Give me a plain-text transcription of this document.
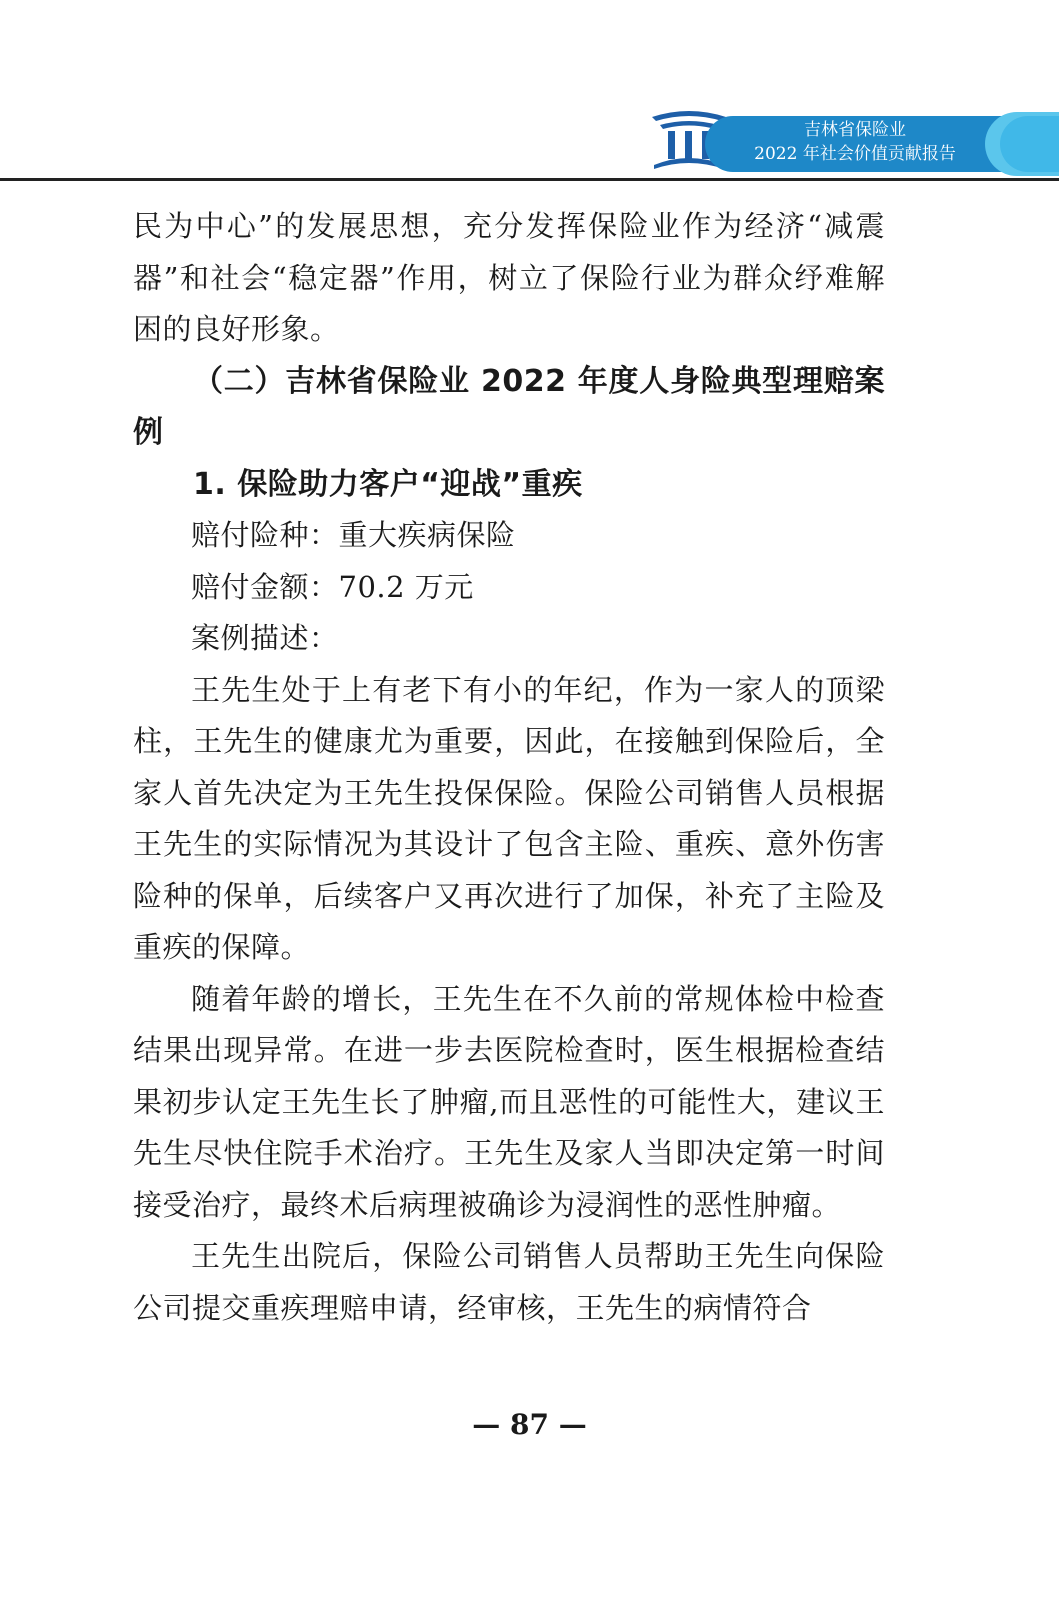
吉林省保险业
2022 年社会价值贡献报告

民为中心”的发展思想，充分发挥保险业作为经济“减震器”和社会“稳定器”作用，树立了保险行业为群众纾难解困的良好形象。

（二）吉林省保险业 2022 年度人身险典型理赔案例

1. 保险助力客户“迎战”重疾

赔付险种：重大疾病保险

赔付金额：70.2 万元

案例描述：

王先生处于上有老下有小的年纪，作为一家人的顶梁柱，王先生的健康尤为重要，因此，在接触到保险后，全家人首先决定为王先生投保保险。保险公司销售人员根据王先生的实际情况为其设计了包含主险、重疾、意外伤害险种的保单，后续客户又再次进行了加保，补充了主险及重疾的保障。

随着年龄的增长，王先生在不久前的常规体检中检查结果出现异常。在进一步去医院检查时，医生根据检查结果初步认定王先生长了肿瘤,而且恶性的可能性大，建议王先生尽快住院手术治疗。王先生及家人当即决定第一时间接受治疗，最终术后病理被确诊为浸润性的恶性肿瘤。

王先生出院后，保险公司销售人员帮助王先生向保险公司提交重疾理赔申请，经审核，王先生的病情符合

— 87 —
